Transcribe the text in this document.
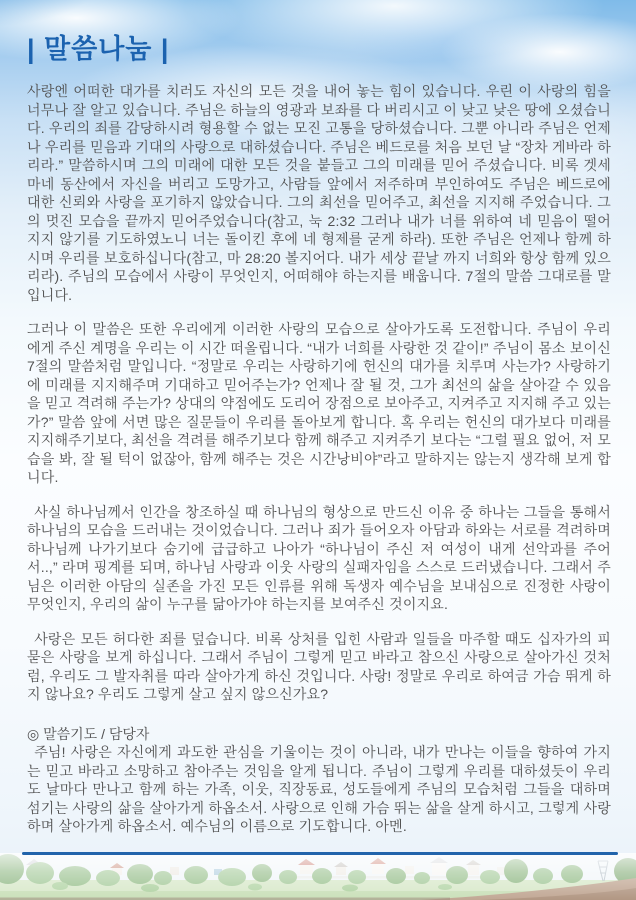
| 말씀나눔 |

사랑엔 어떠한 대가를 치러도 자신의 모든 것을 내어 놓는 힘이 있습니다. 우린 이 사랑의 힘을 너무나 잘 알고 있습니다. 주님은 하늘의 영광과 보좌를 다 버리시고 이 낮고 낮은 땅에 오셨습니다. 우리의 죄를 감당하시려 형용할 수 없는 모진 고통을 당하셨습니다. 그뿐 아니라 주님은 언제나 우리를 믿음과 기대의 사랑으로 대하셨습니다. 주님은 베드로를 처음 보던 날 “장차 게바라 하리라.” 말씀하시며 그의 미래에 대한 모든 것을 붙들고 그의 미래를 믿어 주셨습니다. 비록 겟세마네 동산에서 자신을 버리고 도망가고, 사람들 앞에서 저주하며 부인하여도 주님은 베드로에 대한 신뢰와 사랑을 포기하지 않았습니다. 그의 최선을 믿어주고, 최선을 지지해 주었습니다. 그의 멋진 모습을 끝까지 믿어주었습니다(참고, 눅 2:32 그러나 내가 너를 위하여 네 믿음이 떨어지지 않기를 기도하였노니 너는 돌이킨 후에 네 형제를 굳게 하라). 또한 주님은 언제나 함께 하시며 우리를 보호하십니다(참고, 마 28:20 볼지어다. 내가 세상 끝날 까지 너희와 항상 함께 있으리라). 주님의 모습에서 사랑이 무엇인지, 어떠해야 하는지를 배웁니다. 7절의 말씀 그대로를 말입니다.

그러나 이 말씀은 또한 우리에게 이러한 사랑의 모습으로 살아가도록 도전합니다. 주님이 우리에게 주신 계명을 우리는 이 시간 떠올립니다. “내가 너희를 사랑한 것 같이!” 주님이 몸소 보이신 7절의 말씀처럼 말입니다. “정말로 우리는 사랑하기에 헌신의 대가를 치루며 사는가? 사랑하기에 미래를 지지해주며 기대하고 믿어주는가? 언제나 잘 될 것, 그가 최선의 삶을 살아갈 수 있음을 믿고 격려해 주는가? 상대의 약점에도 도리어 장점으로 보아주고, 지켜주고 지지해 주고 있는가?” 말씀 앞에 서면 많은 질문들이 우리를 돌아보게 합니다. 혹 우리는 헌신의 대가보다 미래를 지지해주기보다, 최선을 격려를 해주기보다 함께 해주고 지켜주기 보다는 “그럴 필요 없어, 저 모습을 봐, 잘 될 턱이 없잖아, 함께 해주는 것은 시간낭비야”라고 말하지는 않는지 생각해 보게 합니다.

 사실 하나님께서 인간을 창조하실 때 하나님의 형상으로 만드신 이유 중 하나는 그들을 통해서 하나님의 모습을 드러내는 것이었습니다. 그러나 죄가 들어오자 아담과 하와는 서로를 격려하며 하나님께 나가기보다 숨기에 급급하고 나아가 “하나님이 주신 저 여성이 내게 선악과를 주어서..,” 라며 핑계를 되며, 하나님 사랑과 이웃 사랑의 실패자임을 스스로 드러냈습니다. 그래서 주님은 이러한 아담의 실존을 가진 모든 인류를 위해 독생자 예수님을 보내심으로 진정한 사랑이 무엇인지, 우리의 삶이 누구를 닮아가야 하는지를 보여주신 것이지요.

 사랑은 모든 허다한 죄를 덮습니다. 비록 상처를 입힌 사람과 일들을 마주할 때도 십자가의 피 묻은 사랑을 보게 하십니다. 그래서 주님이 그렇게 믿고 바라고 참으신 사랑으로 살아가신 것처럼, 우리도 그 발자취를 따라 살아가게 하신 것입니다. 사랑! 정말로 우리로 하여금 가슴 뛰게 하지 않나요? 우리도 그렇게 살고 싶지 않으신가요?

◎ 말씀기도 / 담당자

 주님! 사랑은 자신에게 과도한 관심을 기울이는 것이 아니라, 내가 만나는 이들을 향하여 가지는 믿고 바라고 소망하고 참아주는 것임을 알게 됩니다. 주님이 그렇게 우리를 대하셨듯이 우리도 날마다 만나고 함께 하는 가족, 이웃, 직장동료, 성도들에게 주님의 모습처럼 그들을 대하며 섬기는 사랑의 삶을 살아가게 하옵소서. 사랑으로 인해 가슴 뛰는 삶을 살게 하시고, 그렇게 사랑하며 살아가게 하옵소서. 예수님의 이름으로 기도합니다. 아멘.
